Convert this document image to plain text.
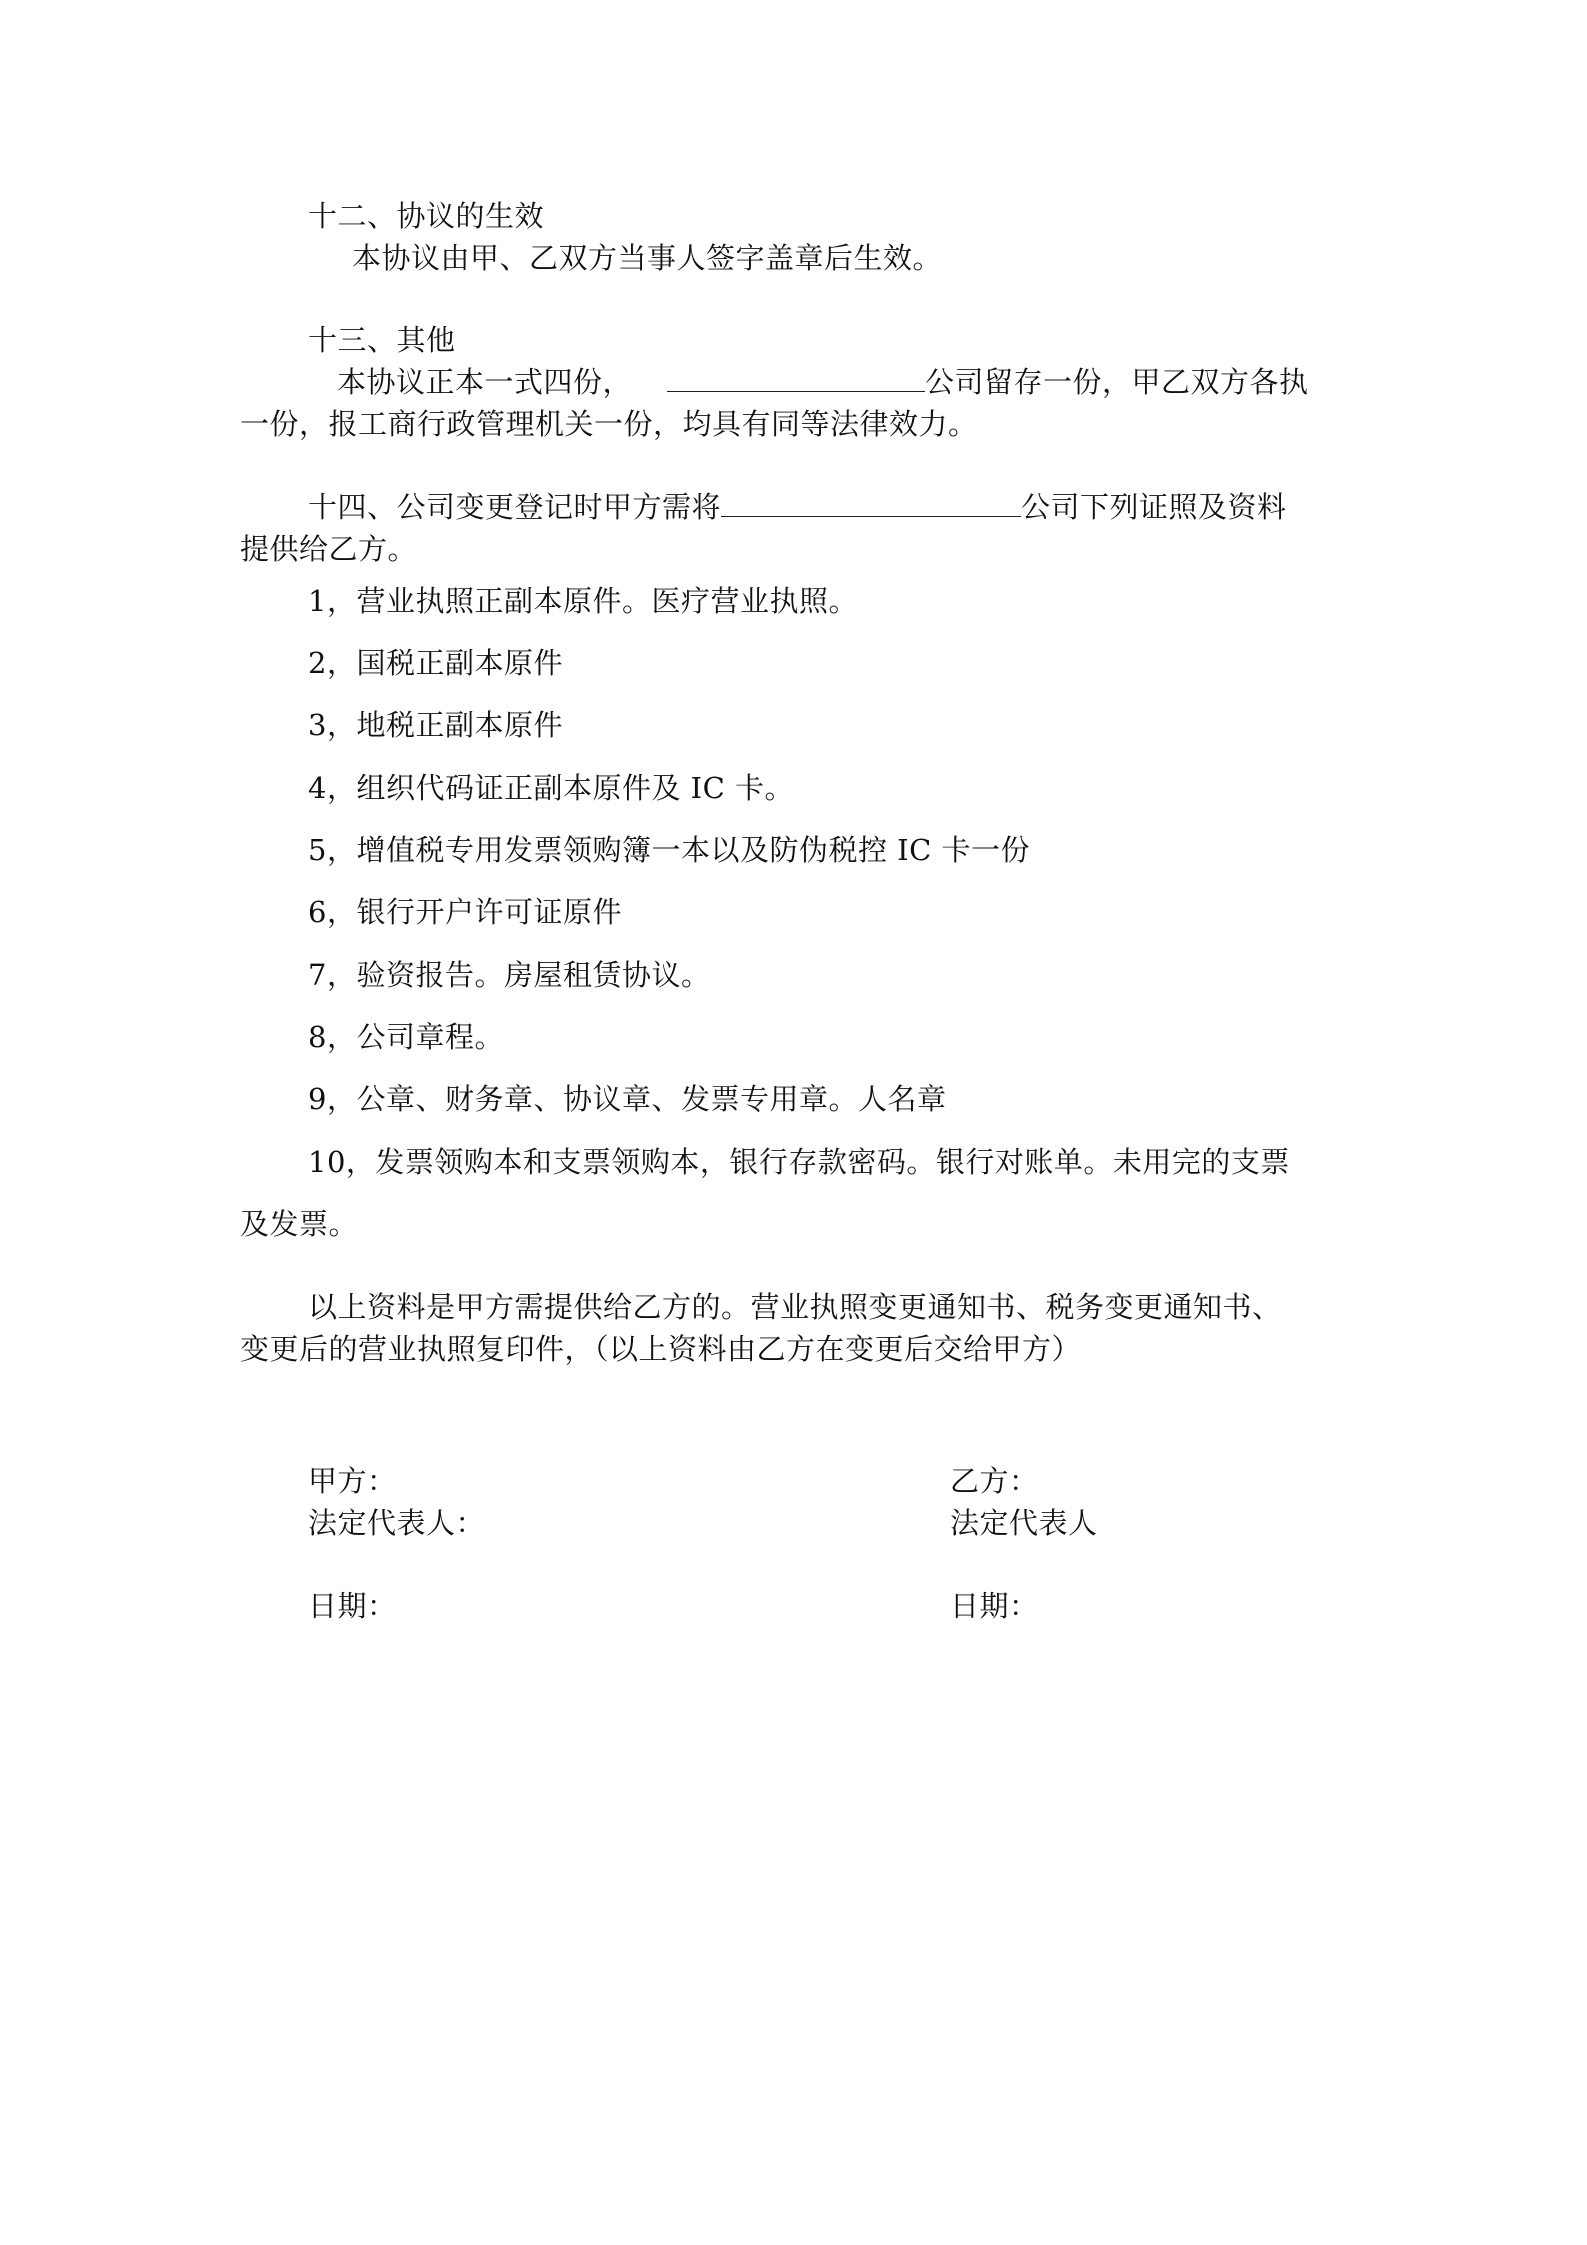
十二、协议的生效
本协议由甲、乙双方当事人签字盖章后生效。
十三、其他
本协议正本一式四份，	公司留存一份，甲乙双方各执
一份，报工商行政管理机关一份，均具有同等法律效力。
十四、公司变更登记时甲方需将	公司下列证照及资料
提供给乙方。
1，营业执照正副本原件。医疗营业执照。
2，国税正副本原件
3，地税正副本原件
4，组织代码证正副本原件及 IC 卡。
5，增值税专用发票领购簿一本以及防伪税控 IC 卡一份
6，银行开户许可证原件
7，验资报告。房屋租赁协议。
8，公司章程。
9，公章、财务章、协议章、发票专用章。人名章
10，发票领购本和支票领购本，银行存款密码。银行对账单。未用完的支票
及发票。
以上资料是甲方需提供给乙方的。营业执照变更通知书、税务变更通知书、
变更后的营业执照复印件，（以上资料由乙方在变更后交给甲方）
甲方：
法定代表人：
日期：
乙方：
法定代表人
日期：
